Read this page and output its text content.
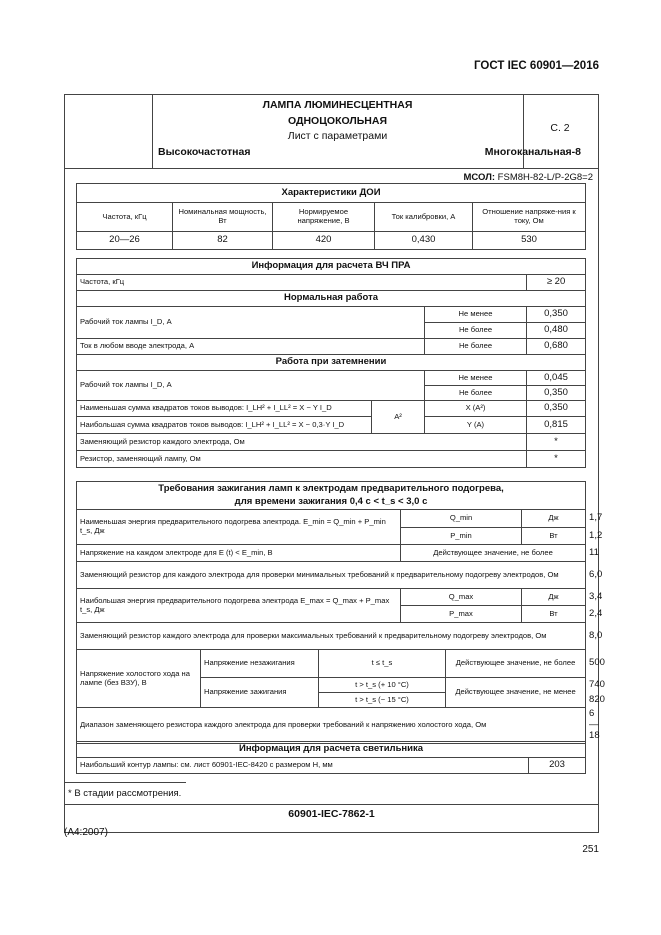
ГОСТ IEC 60901—2016
ЛАМПА ЛЮМИНЕСЦЕНТНАЯ
ОДНОЦОКОЛЬНАЯ
Лист с параметрами
Высокочастотная	Многоканальная-8
С. 2
МСОЛ: FSM8H-82-L/P-2G8=2
Характеристики ДОИ				
Частота, кГц	Номинальная мощность, Вт	Нормируемое напряжение, В	Ток калибровки, А	Отношение напряже-ния к току, Ом
20—26	82	420	0,430	530
Информация для расчета ВЧ ПРА			
Частота, кГц			≥ 20
Нормальная работа			
Рабочий ток лампы I_D, А		Не менее	0,350
		Не более	0,480
Ток в любом вводе электрода, А		Не более	0,680
Работа при затемнении			
Рабочий ток лампы I_D, А		Не менее	0,045
		Не более	0,350
Наименьшая сумма квадратов токов выводов: I_LH² + I_LL² = X − Y I_D	А²	X (А²)	0,350
Наибольшая сумма квадратов токов выводов: I_LH² + I_LL² = X − 0,3·Y I_D		Y (А)	0,815
Заменяющий резистор каждого электрода, Ом			*
Резистор, заменяющий лампу, Ом			*
Требования зажигания ламп к электродам предварительного подогрева,
для времени зажигания 0,4 с < t_s < 3,0 с						
Наименьшая энергия предварительного подогрева электрода. E_min = Q_min + P_min t_s, Дж			Q_min		Дж	1,7
			P_min		Вт	1,2
Напряжение на каждом электроде для E (t) < E_min, В			Действующее значение, не более			11
Заменяющий резистор для каждого электрода для проверки минимальных требований к предварительному подогреву электродов, Ом						6,0
Наибольшая энергия предварительного подогрева электрода E_max = Q_max + P_max t_s, Дж			Q_max		Дж	3,4
			P_max		Вт	2,4
Заменяющий резистор каждого электрода для проверки максимальных требований к предварительному подогреву электродов, Ом						8,0
Напряжение холостого хода на лампе (без ВЗУ), В	Напряжение незажигания	t ≤ t_s		Действующее значение, не более		500
	Напряжение зажигания	t > t_s (+ 10 °С)		Действующее значение, не менее		740
		t > t_s (− 15 °С)				820
Диапазон заменяющего резистора каждого электрода для проверки требований к напряжению холостого хода, Ом						6—18
Информация для расчета светильника
Наибольший контур лампы: см. лист 60901-IEC-8420 с размером H, мм	203
* В стадии рассмотрения.
60901-IEC-7862-1
(А4:2007)
251
